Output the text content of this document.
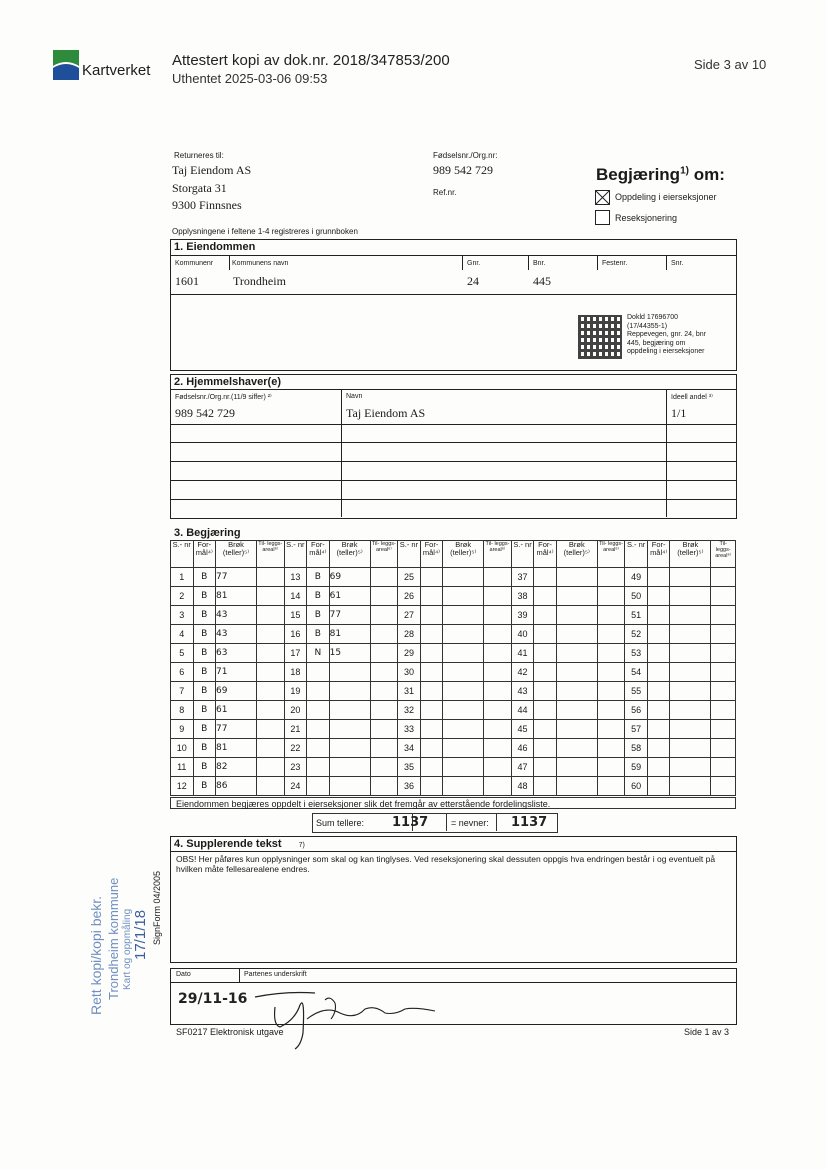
Kartverket
Attestert kopi av dok.nr. 2018/347853/200
Uthentet 2025-03-06 09:53
Side 3 av 10
Returneres til:
Taj Eiendom AS
Storgata 31
9300 Finnsnes
Fødselsnr./Org.nr:
989 542 729
Ref.nr.
Begjæring$^{1)}$ om:
Oppdeling i eierseksjoner
Reseksjonering
Opplysningene i feltene 1-4 registreres i grunnboken
1. Eiendommen
Kommunenr	Kommunens navn	Gnr.	Bnr.	Festenr.	Snr.
1601	Trondheim	24	445
Dokld 17696700
(17/44355-1)
Reppevegen, gnr. 24, bnr
445, begjæring om
oppdeling i eierseksjoner
2. Hjemmelshaver(e)
Fødselsnr./Org.nr.(11/9 siffer) ²⁾	Navn	Ideell andel ³⁾
989 542 729	Taj Eiendom AS	1/1
3. Begjæring
S.- nr	For- mål⁴⁾	Brøk (teller)⁵⁾	Til- leggs- areal⁶⁾	S.- nr	For- mål⁴⁾	Brøk (teller)⁵⁾	Til- leggs- areal⁶⁾	S.- nr	For- mål⁴⁾	Brøk (teller)⁵⁾	Til- leggs- areal⁶⁾	S.- nr	For- mål⁴⁾	Brøk (teller)⁵⁾	Til- leggs- areal⁶⁾	S.- nr	For- mål⁴⁾	Brøk (teller)⁵⁾	Til- leggs- areal⁶⁾
1	B	77		13	B	69		25				37				49			
2	B	81		14	B	61		26				38				50			
3	B	43		15	B	77		27				39				51			
4	B	43		16	B	81		28				40				52			
5	B	63		17	N	15		29				41				53			
6	B	71		18				30				42				54			
7	B	69		19				31				43				55			
8	B	61		20				32				44				56			
9	B	77		21				33				45				57			
10	B	81		22				34				46				58			
11	B	82		23				35				47				59			
12	B	86		24				36				48				60			
Eiendommen begjæres oppdelt i eierseksjoner slik det fremgår av etterstående fordelingsliste.
Sum tellere: 1137	= nevner: 1137
4. Supplerende tekst 7)
OBS! Her påføres kun opplysninger som skal og kan tinglyses. Ved reseksjonering skal dessuten oppgis hva endringen består i og eventuelt på hvilken måte fellesarealene endres.
Dato	Partenes underskrift
29/11-16
SF0217 Elektronisk utgave	Side 1 av 3
SignForm 04/2005
Rett kopi/kopi bekr. Trondheim kommune Kart og oppmåling 17/1/18
